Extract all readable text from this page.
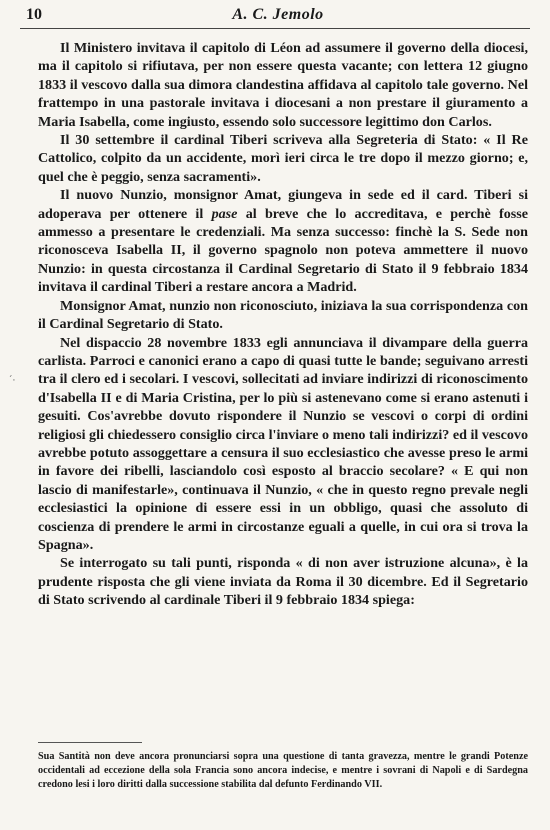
10	A. C. Jemolo
´·

Il Ministero invitava il capitolo di Léon ad assumere il governo della diocesi, ma il capitolo si rifiutava, per non essere questa vacante; con lettera 12 giugno 1833 il vescovo dalla sua dimora clandestina affidava al capitolo tale governo. Nel frattempo in una pastorale invitava i diocesani a non prestare il giuramento a Maria Isabella, come ingiusto, essendo solo successore legittimo don Carlos.

Il 30 settembre il cardinal Tiberi scriveva alla Segreteria di Stato: « Il Re Cattolico, colpito da un accidente, morì ieri circa le tre dopo il mezzo giorno; e, quel che è peggio, senza sacramenti».

Il nuovo Nunzio, monsignor Amat, giungeva in sede ed il card. Tiberi si adoperava per ottenere il pase al breve che lo accreditava, e perchè fosse ammesso a presentare le credenziali. Ma senza successo: finchè la S. Sede non riconosceva Isabella II, il governo spagnolo non poteva ammettere il nuovo Nunzio: in questa circostanza il Cardinal Segretario di Stato il 9 febbraio 1834 invitava il cardinal Tiberi a restare ancora a Madrid.

Monsignor Amat, nunzio non riconosciuto, iniziava la sua corrispondenza con il Cardinal Segretario di Stato.

Nel dispaccio 28 novembre 1833 egli annunciava il divampare della guerra carlista. Parroci e canonici erano a capo di quasi tutte le bande; seguivano arresti tra il clero ed i secolari. I vescovi, sollecitati ad inviare indirizzi di riconoscimento d'Isabella II e di Maria Cristina, per lo più si astenevano come si erano astenuti i gesuiti. Cos'avrebbe dovuto rispondere il Nunzio se vescovi o corpi di ordini religiosi gli chiedessero consiglio circa l'inviare o meno tali indirizzi? ed il vescovo avrebbe potuto assoggettare a censura il suo ecclesiastico che avesse preso le armi in favore dei ribelli, lasciandolo così esposto al braccio secolare? « E qui non lascio di manifestarle», continuava il Nunzio, « che in questo regno prevale negli ecclesiastici la opinione di essere essi in un obbligo, quasi che assoluto di coscienza di prendere le armi in circostanze eguali a quelle, in cui ora si trova la Spagna».

Se interrogato su tali punti, risponda « di non aver istruzione alcuna», è la prudente risposta che gli viene inviata da Roma il 30 dicembre. Ed il Segretario di Stato scrivendo al cardinale Tiberi il 9 febbraio 1834 spiega:

Sua Santità non deve ancora pronunciarsi sopra una questione di tanta gravezza, mentre le grandi Potenze occidentali ad eccezione della sola Francia sono ancora indecise, e mentre i sovrani di Napoli e di Sardegna credono lesi i loro diritti dalla successione stabilita dal defunto Ferdinando VII.
